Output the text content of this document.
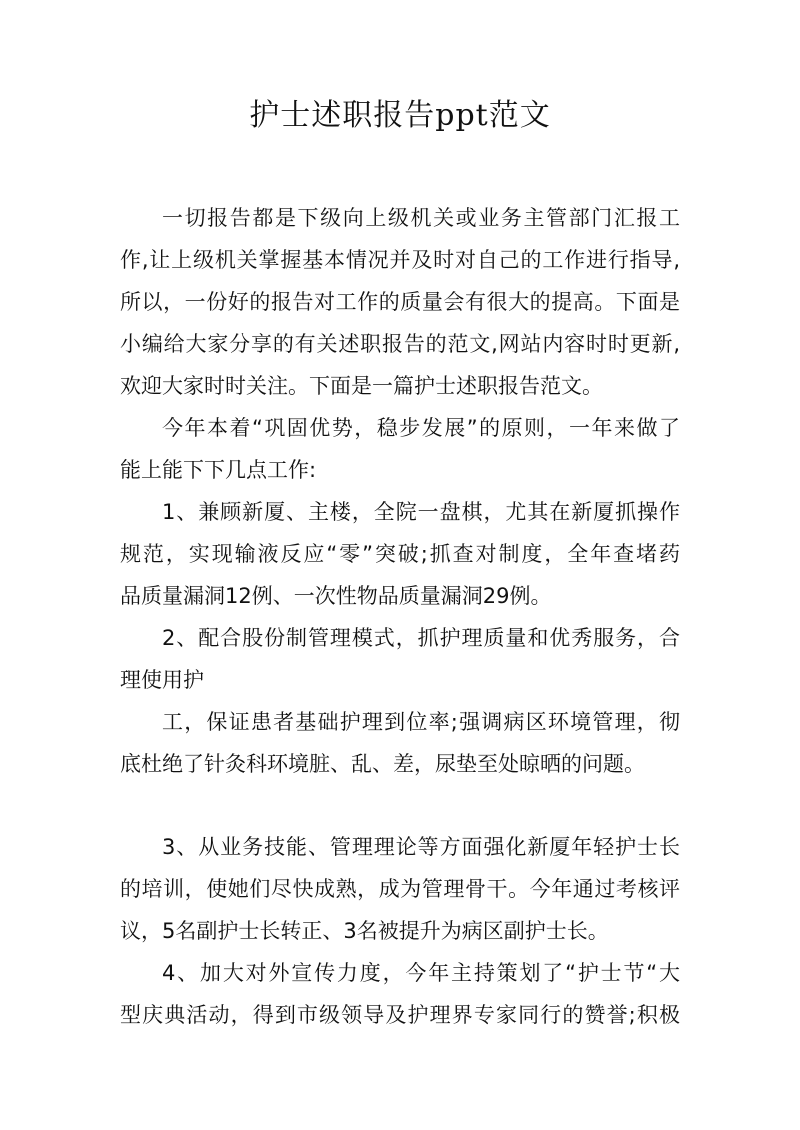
护士述职报告ppt范文
一切报告都是下级向上级机关或业务主管部门汇报工
作,让上级机关掌握基本情况并及时对自己的工作进行指导,
所以，一份好的报告对工作的质量会有很大的提高。下面是
小编给大家分享的有关述职报告的范文,网站内容时时更新,
欢迎大家时时关注。下面是一篇护士述职报告范文。
今年本着“巩固优势，稳步发展”的原则，一年来做了
能上能下下几点工作:
1、兼顾新厦、主楼，全院一盘棋，尤其在新厦抓操作
规范，实现输液反应“零”突破;抓查对制度，全年查堵药
品质量漏洞12例、一次性物品质量漏洞29例。
2、配合股份制管理模式，抓护理质量和优秀服务，合
理使用护
工，保证患者基础护理到位率;强调病区环境管理，彻
底杜绝了针灸科环境脏、乱、差，尿垫至处晾晒的问题。
3、从业务技能、管理理论等方面强化新厦年轻护士长
的培训，使她们尽快成熟，成为管理骨干。今年通过考核评
议，5名副护士长转正、3名被提升为病区副护士长。
4、加大对外宣传力度，今年主持策划了“护士节“大
型庆典活动，得到市级领导及护理界专家同行的赞誉;积极
